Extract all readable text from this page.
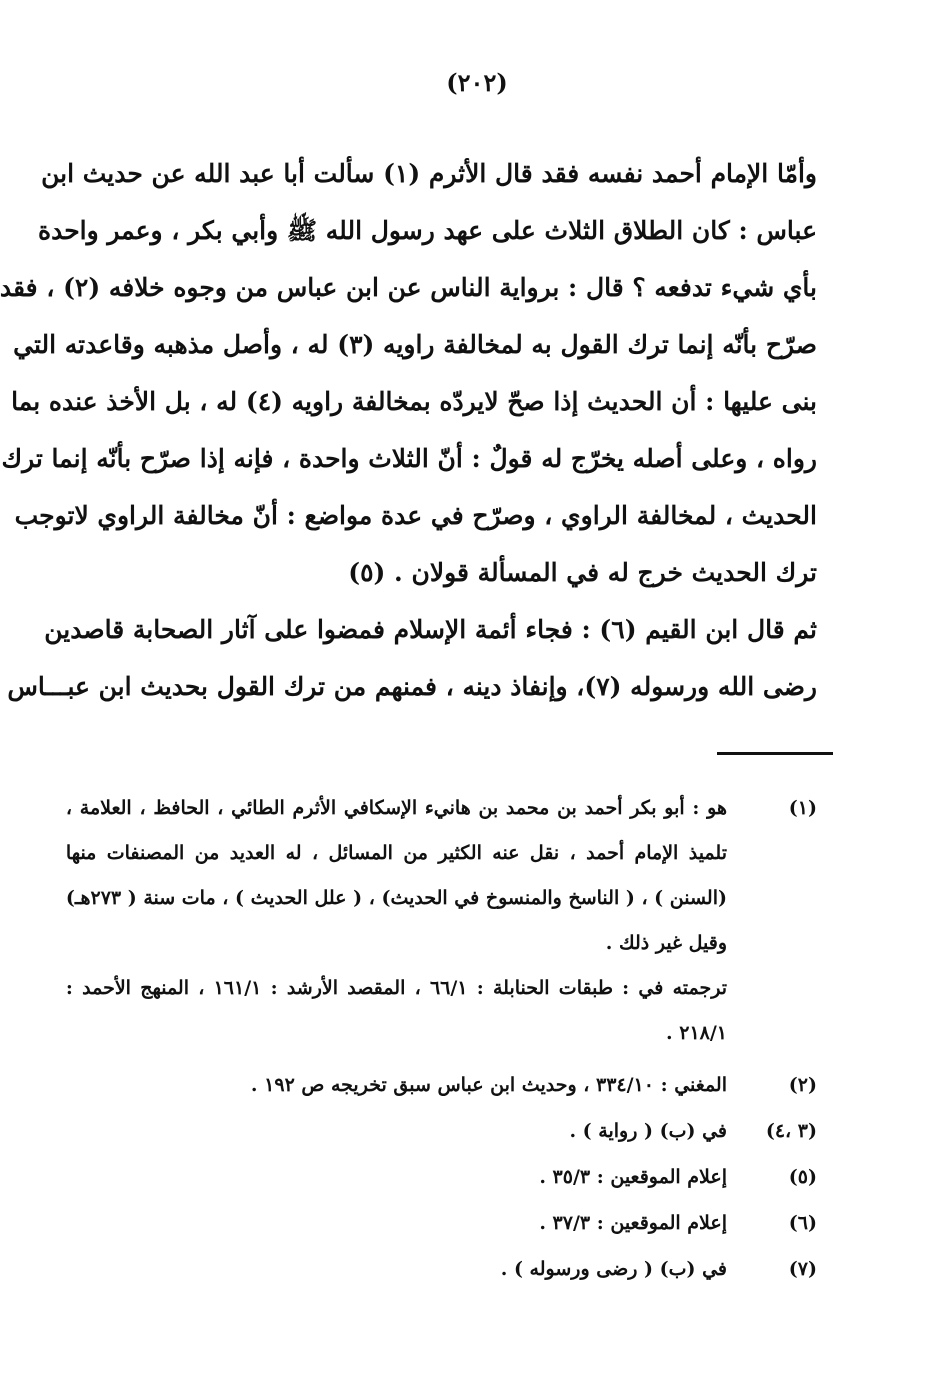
(٢٠٢)
وأمّا الإمام أحمد نفسه فقد قال الأثرم (١) سألت أبا عبد الله عن حديث ابن
عباس : كان الطلاق الثلاث على عهد رسول الله ﷺ وأبي بكر ، وعمر واحدة
بأي شيء تدفعه ؟ قال : برواية الناس عن ابن عباس من وجوه خلافه (٢) ، فقد
صرّح بأنّه إنما ترك القول به لمخالفة راويه (٣) له ، وأصل مذهبه وقاعدته التي
بنى عليها : أن الحديث إذا صحّ لايردّه بمخالفة راويه (٤) له ، بل الأخذ عنده بما
رواه ، وعلى أصله يخرّج له قولٌ : أنّ الثلاث واحدة ، فإنه إذا صرّح بأنّه إنما ترك
الحديث ، لمخالفة الراوي ، وصرّح في عدة مواضع : أنّ مخالفة الراوي لاتوجب
ترك الحديث خرج له في المسألة قولان . (٥)
ثم قال ابن القيم (٦) : فجاء أئمة الإسلام فمضوا على آثار الصحابة قاصدين
رضى الله ورسوله (٧)، وإنفاذ دينه ، فمنهم من ترك القول بحديث ابن عبـــاس
(١)
هو : أبو بكر أحمد بن محمد بن هانيء الإسكافي الأثرم الطائي ، الحافظ ، العلامة ،
تلميذ الإمام أحمد ، نقل عنه الكثير من المسائل ، له العديد من المصنفات منها
(السنن ) ، ( الناسخ والمنسوخ في الحديث) ، ( علل الحديث ) ، مات سنة ( ٢٧٣هـ)
وقيل غير ذلك .
ترجمته في : طبقات الحنابلة : ٦٦/١ ، المقصد الأرشد : ١٦١/١ ، المنهج الأحمد :
٢١٨/١ .
(٢)
المغني : ٣٣٤/١٠ ، وحديث ابن عباس سبق تخريجه ص ١٩٢ .
(٣ ،٤)
في (ب) ( رواية ) .
(٥)
إعلام الموقعين : ٣٥/٣ .
(٦)
إعلام الموقعين : ٣٧/٣ .
(٧)
في (ب) ( رضى ورسوله ) .
